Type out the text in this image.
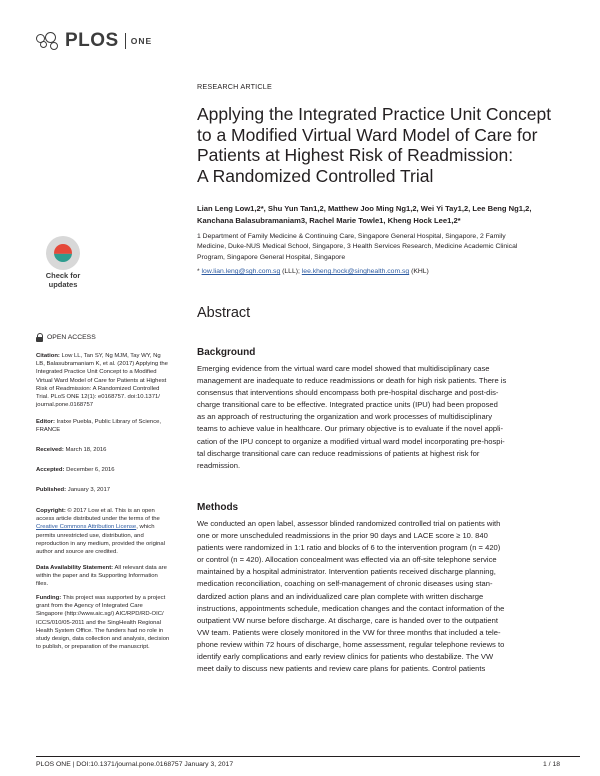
PLOS ONE
RESEARCH ARTICLE
Applying the Integrated Practice Unit Concept
to a Modified Virtual Ward Model of Care for
Patients at Highest Risk of Readmission:
A Randomized Controlled Trial
Lian Leng Low1,2*, Shu Yun Tan1,2, Matthew Joo Ming Ng1,2, Wei Yi Tay1,2, Lee Beng Ng1,2,
Kanchana Balasubramaniam3, Rachel Marie Towle1, Kheng Hock Lee1,2*
1 Department of Family Medicine & Continuing Care, Singapore General Hospital, Singapore, 2 Family
Medicine, Duke-NUS Medical School, Singapore, 3 Health Services Research, Medicine Academic Clinical
Program, Singapore General Hospital, Singapore
* low.lian.leng@sgh.com.sg (LLL); lee.kheng.hock@singhealth.com.sg (KHL)
Check for
updates
OPEN ACCESS
Citation: Low LL, Tan SY, Ng MJM, Tay WY, Ng
LB, Balasubramaniam K, et al. (2017) Applying the
Integrated Practice Unit Concept to a Modified
Virtual Ward Model of Care for Patients at Highest
Risk of Readmission: A Randomized Controlled
Trial. PLoS ONE 12(1): e0168757. doi:10.1371/
journal.pone.0168757
Editor: Iratxe Puebla, Public Library of Science,
FRANCE
Received: March 18, 2016
Accepted: December 6, 2016
Published: January 3, 2017
Copyright: © 2017 Low et al. This is an open
access article distributed under the terms of the
Creative Commons Attribution License, which
permits unrestricted use, distribution, and
reproduction in any medium, provided the original
author and source are credited.
Data Availability Statement: All relevant data are
within the paper and its Supporting Information
files.
Funding: This project was supported by a project
grant from the Agency of Integrated Care
Singapore (http://www.aic.sg/) AIC/RPD/RD-OIC/
ICCS/010/05-2011 and the SingHealth Regional
Health System Office. The funders had no role in
study design, data collection and analysis, decision
to publish, or preparation of the manuscript.
Abstract
Background
Emerging evidence from the virtual ward care model showed that multidisciplinary case
management are inadequate to reduce readmissions or death for high risk patients. There is
consensus that interventions should encompass both pre-hospital discharge and post-dis-
charge transitional care to be effective. Integrated practice units (IPU) had been proposed
as an approach of restructuring the organization and work processes of multidisciplinary
teams to achieve value in healthcare. Our primary objective is to evaluate if the novel appli-
cation of the IPU concept to organize a modified virtual ward model incorporating pre-hospi-
tal discharge transitional care can reduce readmissions of patients at highest risk for
readmission.
Methods
We conducted an open label, assessor blinded randomized controlled trial on patients with
one or more unscheduled readmissions in the prior 90 days and LACE score ≥ 10. 840
patients were randomized in 1:1 ratio and blocks of 6 to the intervention program (n = 420)
or control (n = 420). Allocation concealment was effected via an off-site telephone service
maintained by a hospital administrator. Intervention patients received discharge planning,
medication reconciliation, coaching on self-management of chronic diseases using stan-
dardized action plans and an individualized care plan complete with written discharge
instructions, appointments schedule, medication changes and the contact information of the
outpatient VW nurse before discharge. At discharge, care is handed over to the outpatient
VW team. Patients were closely monitored in the VW for three months that included a tele-
phone review within 72 hours of discharge, home assessment, regular telephone reviews to
identify early complications and early review clinics for patients who destabilize. The VW
meet daily to discuss new patients and review care plans for patients. Control patients
PLOS ONE | DOI:10.1371/journal.pone.0168757 January 3, 2017	1 / 18
